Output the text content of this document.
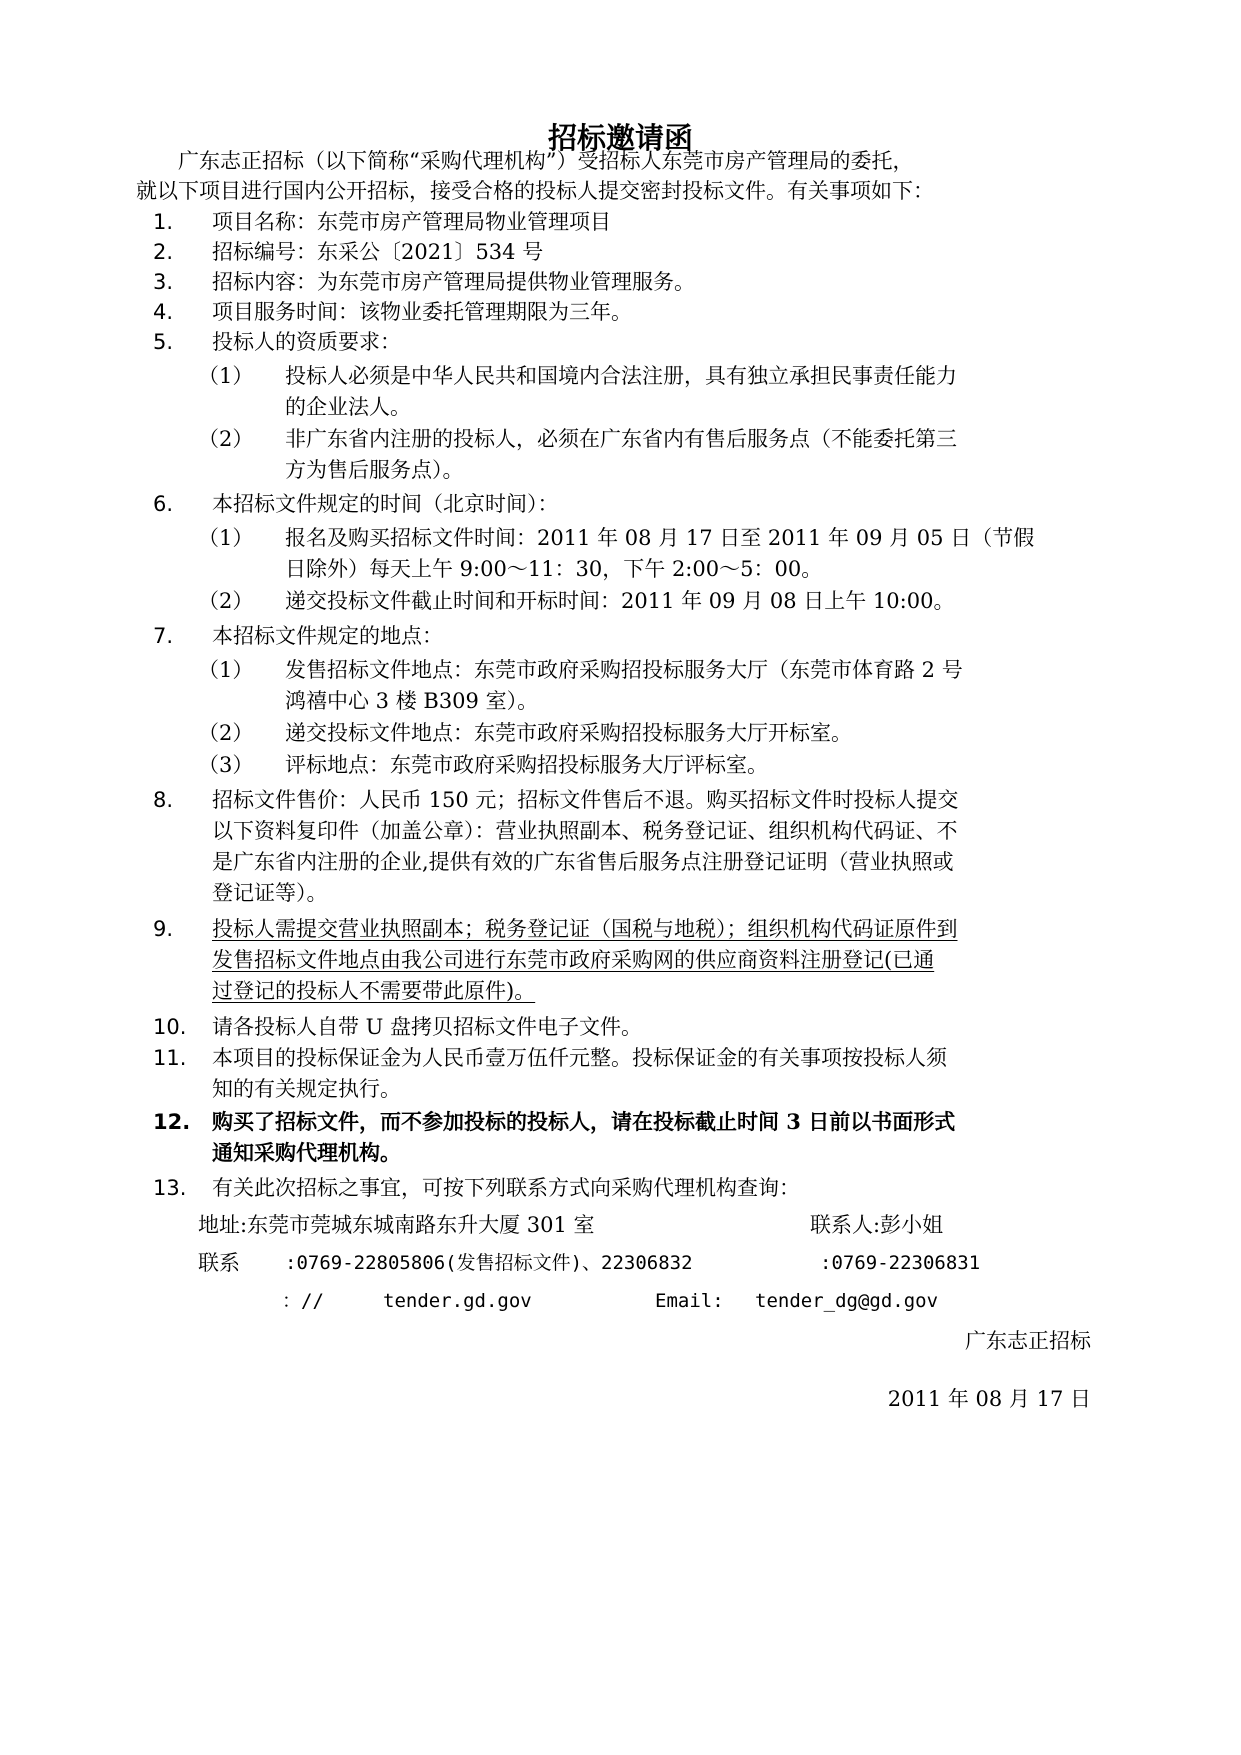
招标邀请函
广东志正招标（以下简称“采购代理机构”）受招标人东莞市房产管理局的委托，
就以下项目进行国内公开招标，接受合格的投标人提交密封投标文件。有关事项如下：
1. 项目名称：东莞市房产管理局物业管理项目
2. 招标编号：东采公〔2021〕534 号
3. 招标内容：为东莞市房产管理局提供物业管理服务。
4. 项目服务时间：该物业委托管理期限为三年。
5. 投标人的资质要求：
（1） 投标人必须是中华人民共和国境内合法注册，具有独立承担民事责任能力
的企业法人。
（2） 非广东省内注册的投标人，必须在广东省内有售后服务点（不能委托第三
方为售后服务点）。
6. 本招标文件规定的时间（北京时间）：
（1） 报名及购买招标文件时间：2011 年 08 月 17 日至 2011 年 09 月 05 日（节假
日除外）每天上午 9:00～11：30，下午 2:00～5：00。
（2） 递交投标文件截止时间和开标时间：2011 年 09 月 08 日上午 10:00。
7. 本招标文件规定的地点：
（1） 发售招标文件地点：东莞市政府采购招投标服务大厅（东莞市体育路 2 号
鸿禧中心 3 楼 B309 室）。
（2） 递交投标文件地点：东莞市政府采购招投标服务大厅开标室。
（3） 评标地点：东莞市政府采购招投标服务大厅评标室。
8. 招标文件售价：人民币 150 元；招标文件售后不退。购买招标文件时投标人提交
以下资料复印件（加盖公章）：营业执照副本、税务登记证、组织机构代码证、不
是广东省内注册的企业,提供有效的广东省售后服务点注册登记证明（营业执照或
登记证等）。
9. 投标人需提交营业执照副本；税务登记证（国税与地税）；组织机构代码证原件到
发售招标文件地点由我公司进行东莞市政府采购网的供应商资料注册登记(已通
过登记的投标人不需要带此原件)。
10. 请各投标人自带 U 盘拷贝招标文件电子文件。
11. 本项目的投标保证金为人民币壹万伍仟元整。投标保证金的有关事项按投标人须
知的有关规定执行。
12. 购买了招标文件，而不参加投标的投标人，请在投标截止时间 3 日前以书面形式
通知采购代理机构。
13. 有关此次招标之事宜，可按下列联系方式向采购代理机构查询：
地址:东莞市莞城东城南路东升大厦 301 室	联系人:彭小姐
联系 :0769-22805806(发售招标文件)、22306832	:0769-22306831
：//	tender.gd.gov	Email: tender_dg@gd.gov
广东志正招标
2011 年 08 月 17 日
